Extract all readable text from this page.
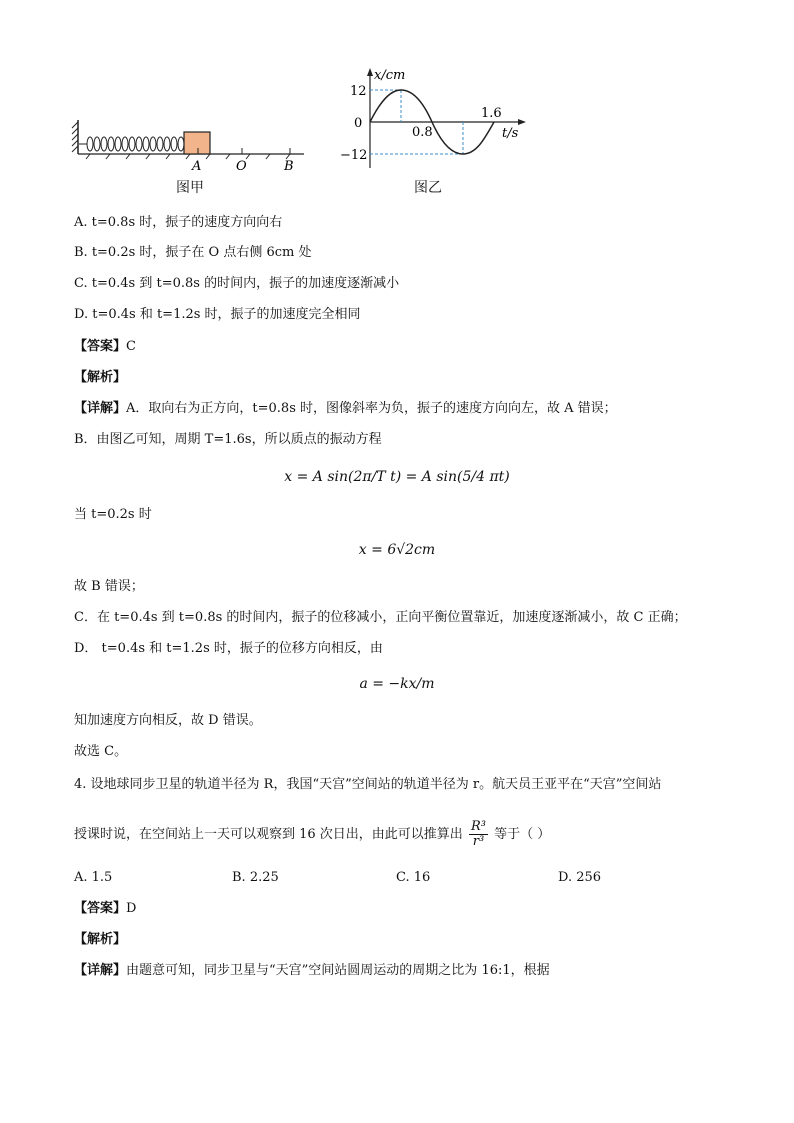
A	O	B
图甲
x/cm
12
0
−12
0.8
1.6
t/s
图乙
A. t=0.8s 时，振子的速度方向向右
B. t=0.2s 时，振子在 O 点右侧 6cm 处
C. t=0.4s 到 t=0.8s 的时间内，振子的加速度逐渐减小
D. t=0.4s 和 t=1.2s 时，振子的加速度完全相同
【答案】C
【解析】
【详解】A．取向右为正方向，t=0.8s 时，图像斜率为负，振子的速度方向向左，故 A 错误；
B．由图乙可知，周期 T=1.6s，所以质点的振动方程
x = A sin(2π/T t) = A sin(5/4 πt)
当 t=0.2s 时
x = 6√2cm
故 B 错误；
C．在 t=0.4s 到 t=0.8s 的时间内，振子的位移减小，正向平衡位置靠近，加速度逐渐减小，故 C 正确；
D． t=0.4s 和 t=1.2s 时，振子的位移方向相反，由
a = −kx/m
知加速度方向相反，故 D 错误。
故选 C。
4. 设地球同步卫星的轨道半径为 R，我国“天宫”空间站的轨道半径为 r。航天员王亚平在“天宫”空间站
授课时说，在空间站上一天可以观察到 16 次日出，由此可以推算出 $\frac{\text{R³}}{\text{r³}}$ 等于（ ）
A. 1.5	B. 2.25	C. 16	D. 256
【答案】D
【解析】
【详解】由题意可知，同步卫星与“天宫”空间站圆周运动的周期之比为 16:1，根据
